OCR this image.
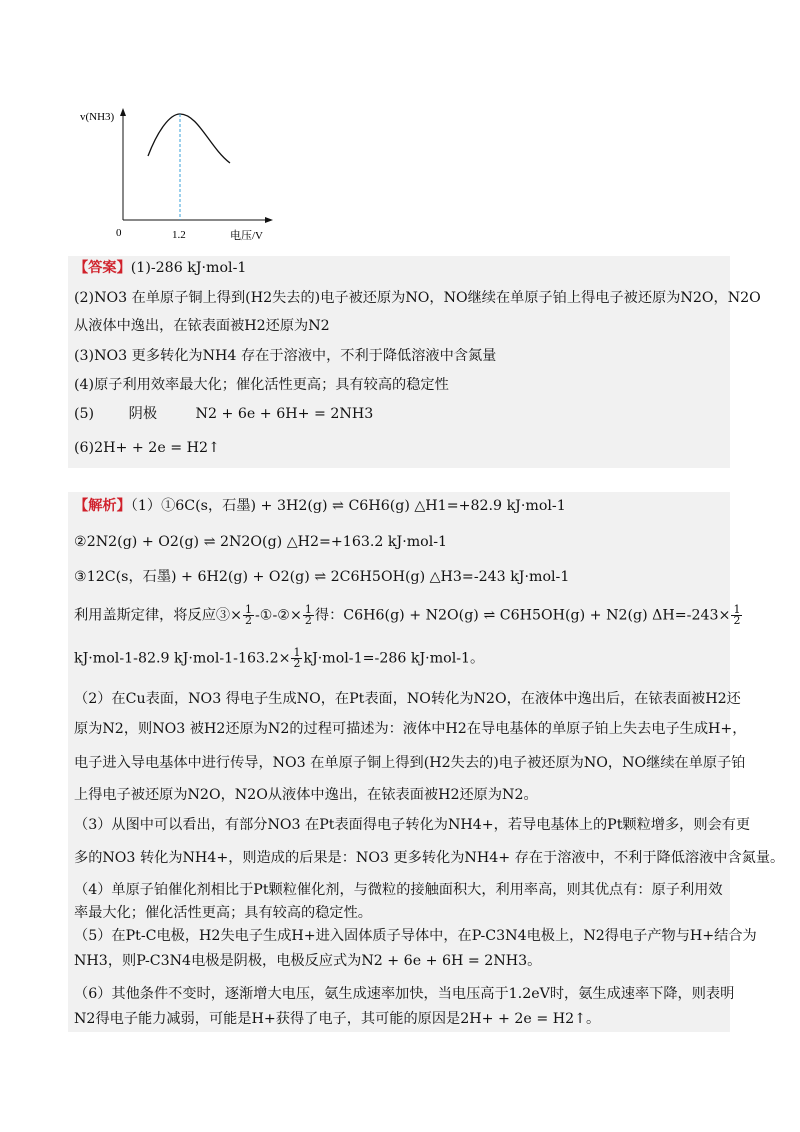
v(NH3)
0	1.2	电压/V
【答案】(1)-286 kJ·mol-1
(2)NO3 在单原子铜上得到(H2失去的)电子被还原为NO，NO继续在单原子铂上得电子被还原为N2O，N2O
从液体中逸出，在铱表面被H2还原为N2
(3)NO3 更多转化为NH4 存在于溶液中，不利于降低溶液中含氮量
(4)原子利用效率最大化；催化活性更高；具有较高的稳定性
(5) 阴极	N2 + 6e + 6H+ = 2NH3
(6)2H+ + 2e = H2↑
【解析】（1）①6C(s，石墨) + 3H2(g) ⇌ C6H6(g) △H1=+82.9 kJ·mol-1
②2N2(g) + O2(g) ⇌ 2N2O(g) △H2=+163.2 kJ·mol-1
③12C(s，石墨) + 6H2(g) + O2(g) ⇌ 2C6H5OH(g) △H3=-243 kJ·mol-1
利用盖斯定律，将反应③× $\frac{1}{2}$ -①-②× $\frac{1}{2}$ 得：C6H6(g) + N2O(g) ⇌ C6H5OH(g) + N2(g) $\Delta H=-243\times \frac{1}{2}$
kJ·mol-1-82.9 $kJ\cdot mol-1-163.2\times \frac{1}{2} kJ\cdot mol-1=-286$ kJ·mol-1。
（2）在Cu表面，NO3 得电子生成NO，在Pt表面，NO转化为N2O，在液体中逸出后，在铱表面被H2还
原为N2，则NO3 被H2还原为N2的过程可描述为：液体中H2在导电基体的单原子铂上失去电子生成H+，
电子进入导电基体中进行传导，NO3 在单原子铜上得到(H2失去的)电子被还原为NO，NO继续在单原子铂
上得电子被还原为N2O，N2O从液体中逸出，在铱表面被H2还原为N2。
（3）从图中可以看出，有部分NO3 在Pt表面得电子转化为NH4+，若导电基体上的Pt颗粒增多，则会有更
多的NO3 转化为NH4+，则造成的后果是：NO3 更多转化为NH4+ 存在于溶液中，不利于降低溶液中含氮量。
（4）单原子铂催化剂相比于Pt颗粒催化剂，与微粒的接触面积大，利用率高，则其优点有：原子利用效
率最大化；催化活性更高；具有较高的稳定性。
（5）在Pt-C电极，H2失电子生成H+进入固体质子导体中，在P-C3N4电极上，N2得电子产物与H+结合为
NH3，则P-C3N4电极是阴极，电极反应式为N2 + 6e + 6H = 2NH3。
（6）其他条件不变时，逐渐增大电压，氨生成速率加快，当电压高于1.2eV时，氨生成速率下降，则表明
N2得电子能力减弱，可能是H+获得了电子，其可能的原因是2H+ + 2e = H2↑。
